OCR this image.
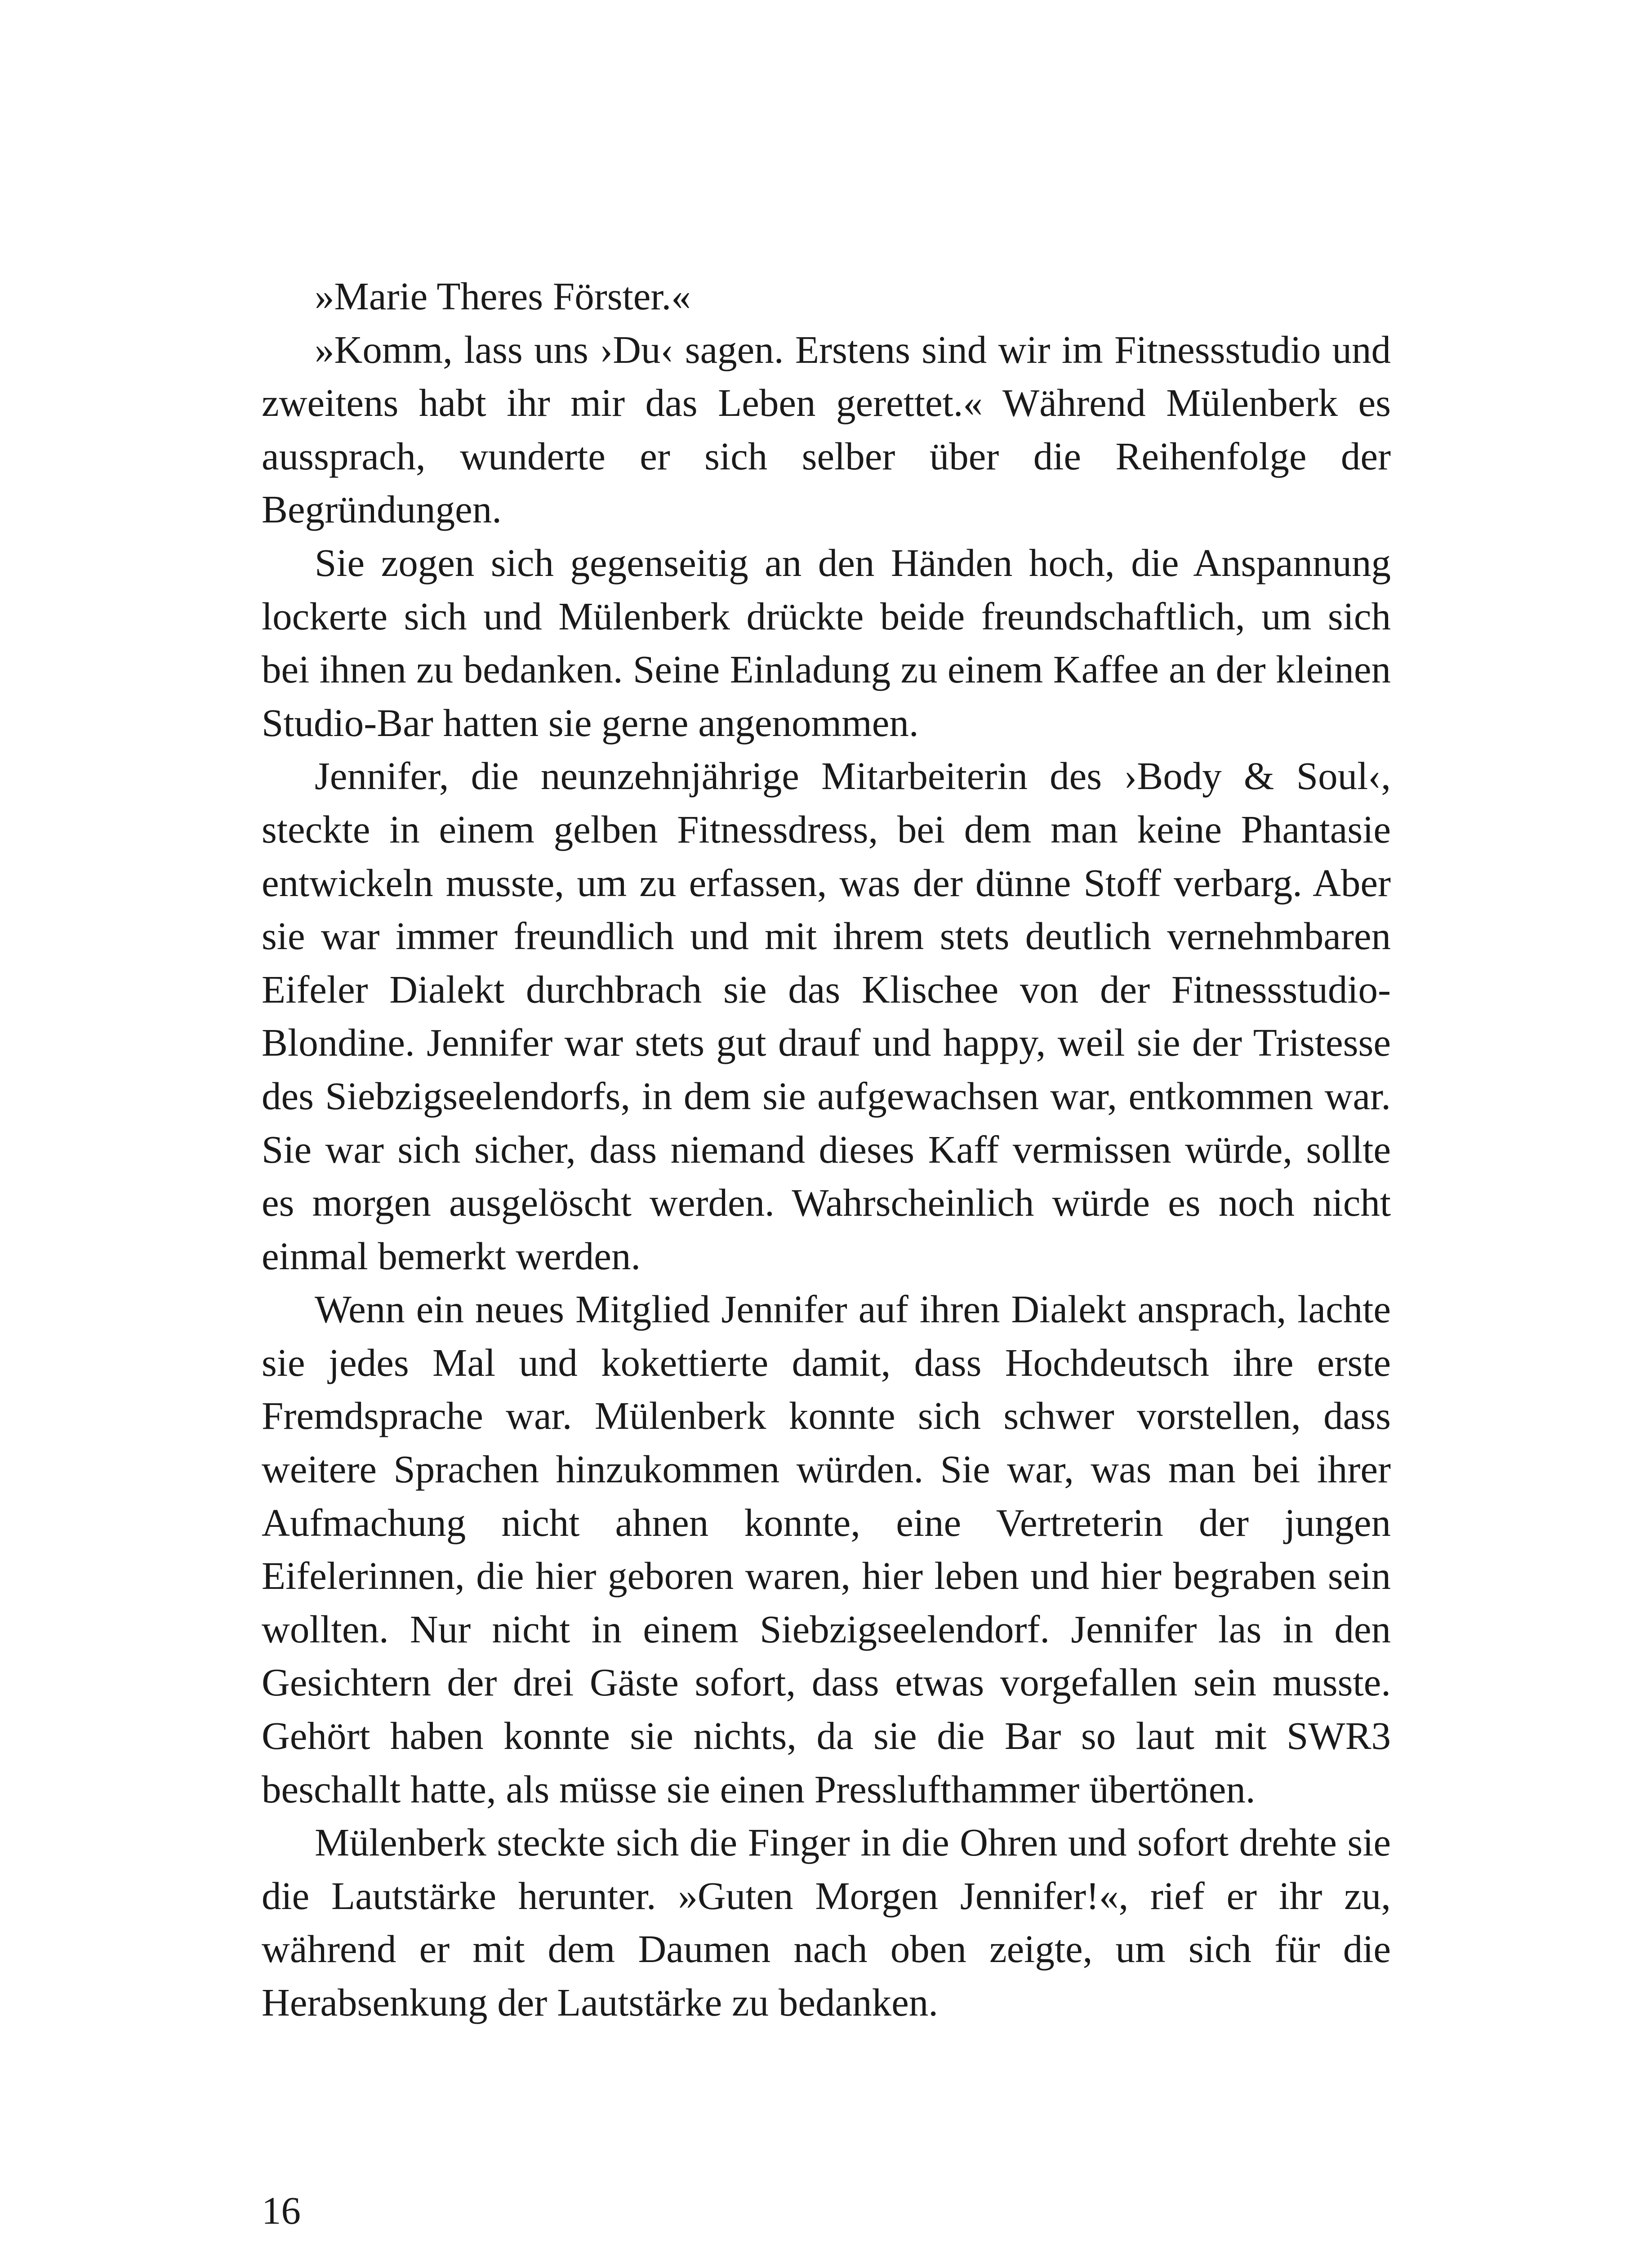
»Marie Theres Förster.«

»Komm, lass uns ›Du‹ sagen. Erstens sind wir im Fitnessstudio und zweitens habt ihr mir das Leben gerettet.« Während Mülenberk es aussprach, wunderte er sich selber über die Reihenfolge der Begründungen.

Sie zogen sich gegenseitig an den Händen hoch, die Anspannung lockerte sich und Mülenberk drückte beide freundschaftlich, um sich bei ihnen zu bedanken. Seine Einladung zu einem Kaffee an der kleinen Studio-Bar hatten sie gerne angenommen.

Jennifer, die neunzehnjährige Mitarbeiterin des ›Body & Soul‹, steckte in einem gelben Fitnessdress, bei dem man keine Phantasie entwickeln musste, um zu erfassen, was der dünne Stoff verbarg. Aber sie war immer freundlich und mit ihrem stets deutlich vernehmbaren Eifeler Dialekt durchbrach sie das Klischee von der Fitnessstudio-Blondine. Jennifer war stets gut drauf und happy, weil sie der Tristesse des Siebzigseelendorfs, in dem sie aufgewachsen war, entkommen war. Sie war sich sicher, dass niemand dieses Kaff vermissen würde, sollte es morgen ausgelöscht werden. Wahrscheinlich würde es noch nicht einmal bemerkt werden.

Wenn ein neues Mitglied Jennifer auf ihren Dialekt ansprach, lachte sie jedes Mal und kokettierte damit, dass Hochdeutsch ihre erste Fremdsprache war. Mülenberk konnte sich schwer vorstellen, dass weitere Sprachen hinzukommen würden. Sie war, was man bei ihrer Aufmachung nicht ahnen konnte, eine Vertreterin der jungen Eifelerinnen, die hier geboren waren, hier leben und hier begraben sein wollten. Nur nicht in einem Siebzigseelendorf. Jennifer las in den Gesichtern der drei Gäste sofort, dass etwas vorgefallen sein musste. Gehört haben konnte sie nichts, da sie die Bar so laut mit SWR3 beschallt hatte, als müsse sie einen Presslufthammer übertönen.

Mülenberk steckte sich die Finger in die Ohren und sofort drehte sie die Lautstärke herunter. »Guten Morgen Jennifer!«, rief er ihr zu, während er mit dem Daumen nach oben zeigte, um sich für die Herabsenkung der Lautstärke zu bedanken.

16
